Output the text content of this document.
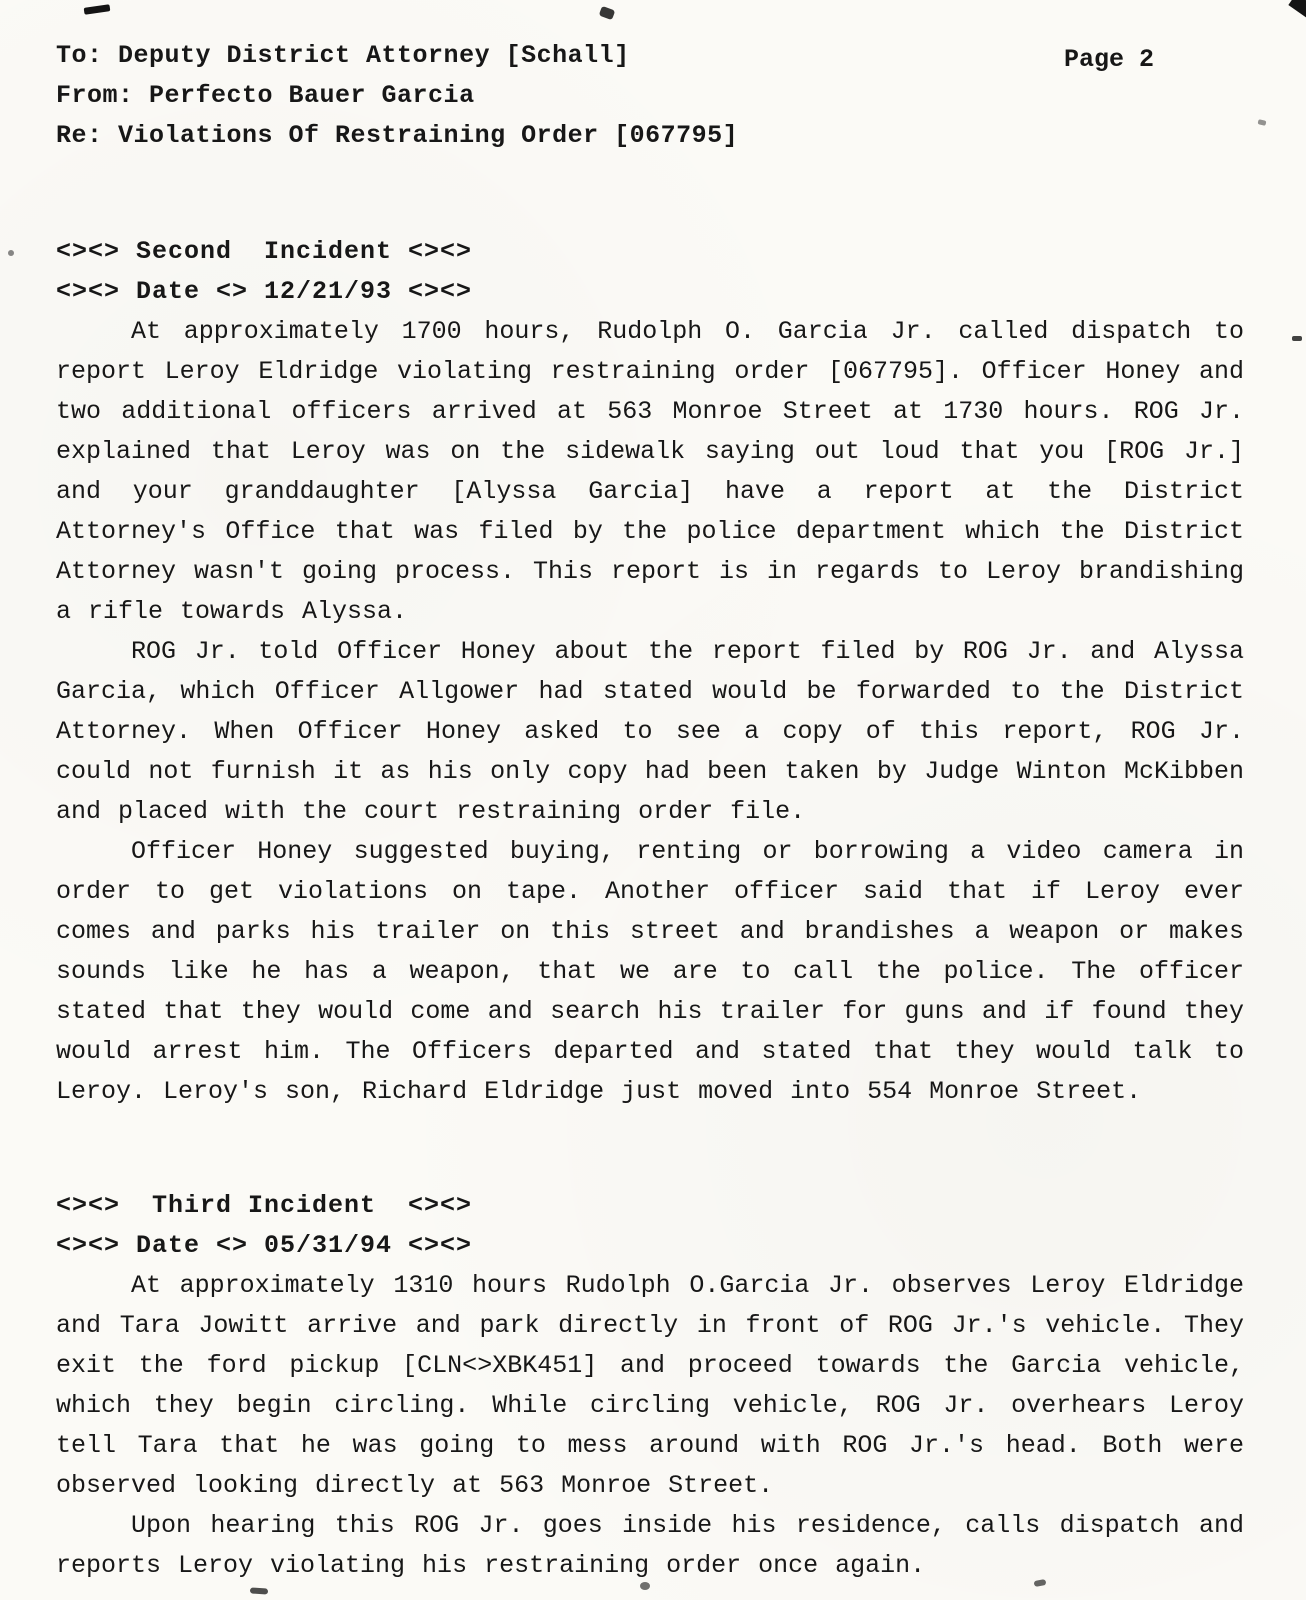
To: Deputy District Attorney [Schall]
From: Perfecto Bauer Garcia
Re: Violations Of Restraining Order [067795]
Page 2
<><> Second  Incident <><>
<><> Date <> 12/21/93 <><>

At approximately 1700 hours, Rudolph O. Garcia Jr. called dispatch to report Leroy Eldridge violating restraining order [067795]. Officer Honey and two additional officers arrived at 563 Monroe Street at 1730 hours. ROG Jr. explained that Leroy was on the sidewalk saying out loud that you [ROG Jr.] and your granddaughter [Alyssa Garcia] have a report at the District Attorney's Office that was filed by the police department which the District Attorney wasn't going process. This report is in regards to Leroy brandishing a rifle towards Alyssa.

ROG Jr. told Officer Honey about the report filed by ROG Jr. and Alyssa Garcia, which Officer Allgower had stated would be forwarded to the District Attorney. When Officer Honey asked to see a copy of this report, ROG Jr. could not furnish it as his only copy had been taken by Judge Winton McKibben and placed with the court restraining order file.

Officer Honey suggested buying, renting or borrowing a video camera in order to get violations on tape. Another officer said that if Leroy ever comes and parks his trailer on this street and brandishes a weapon or makes sounds like he has a weapon, that we are to call the police. The officer stated that they would come and search his trailer for guns and if found they would arrest him. The Officers departed and stated that they would talk to Leroy. Leroy's son, Richard Eldridge just moved into 554 Monroe Street.

<><>  Third Incident  <><>
<><> Date <> 05/31/94 <><>

At approximately 1310 hours Rudolph O.Garcia Jr. observes Leroy Eldridge and Tara Jowitt arrive and park directly in front of ROG Jr.'s vehicle. They exit the ford pickup [CLN<>XBK451] and proceed towards the Garcia vehicle, which they begin circling. While circling vehicle, ROG Jr. overhears Leroy tell Tara that he was going to mess around with ROG Jr.'s head. Both were observed looking directly at 563 Monroe Street.

Upon hearing this ROG Jr. goes inside his residence, calls dispatch and reports Leroy violating his restraining order once again.
